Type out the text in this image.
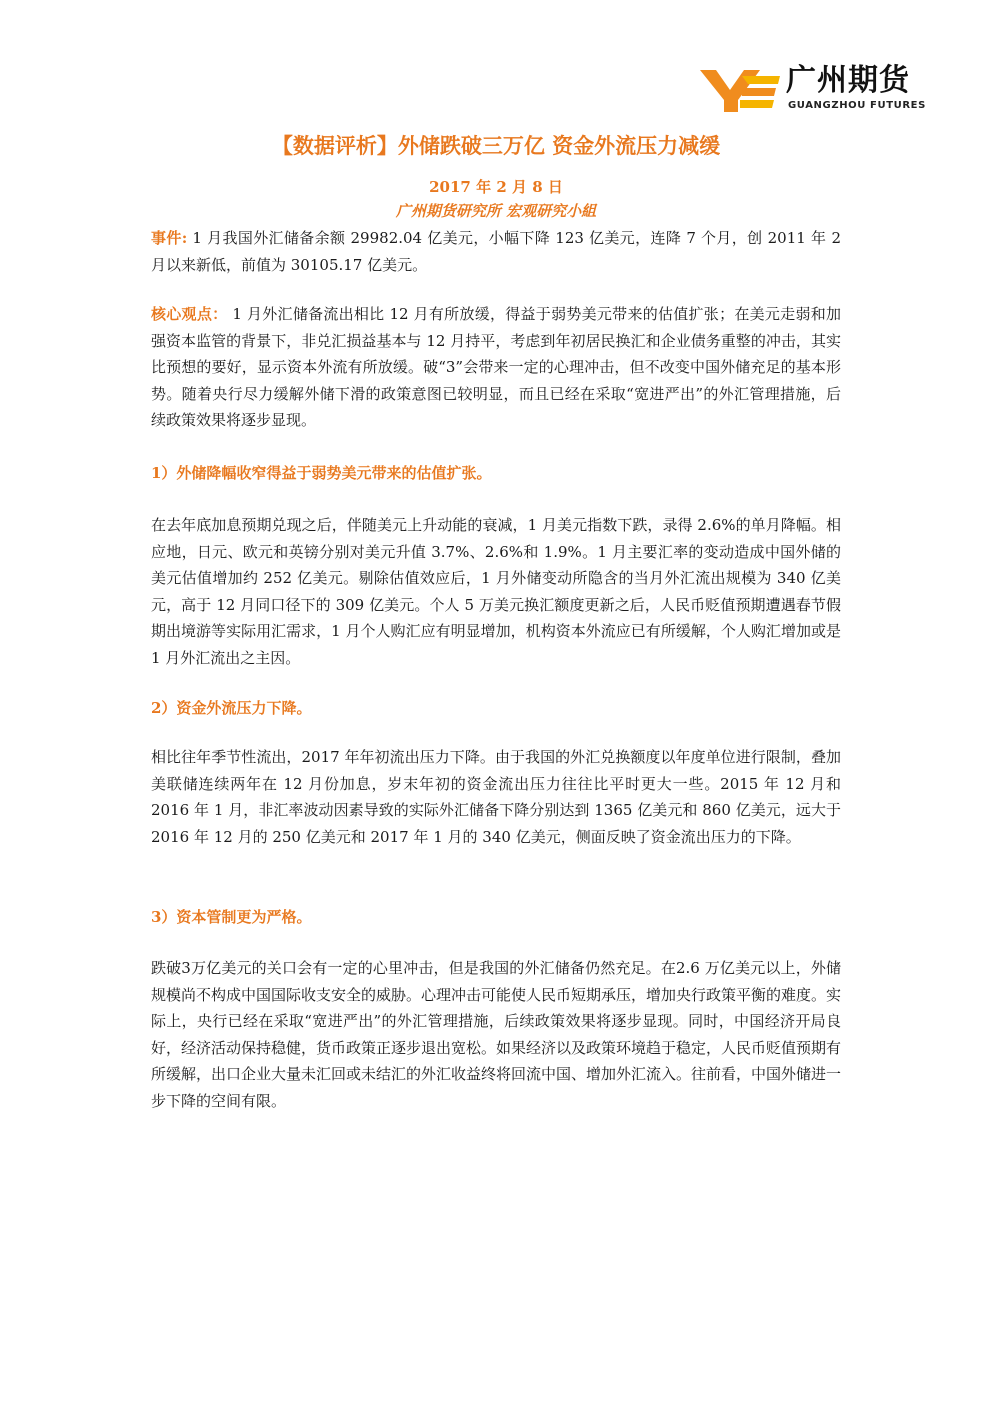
广州期货
GUANGZHOU FUTURES
【数据评析】外储跌破三万亿 资金外流压力减缓
2017 年 2 月 8 日
广州期货研究所 宏观研究小組

事件: 1 月我国外汇储备余额 29982.04 亿美元，小幅下降 123 亿美元，连降 7 个月，创 2011 年 2 月以来新低，前值为 30105.17 亿美元。

核心观点： 1 月外汇储备流出相比 12 月有所放缓，得益于弱势美元带来的估值扩张；在美元走弱和加强资本监管的背景下，非兑汇损益基本与 12 月持平，考虑到年初居民换汇和企业债务重整的冲击，其实比预想的要好，显示资本外流有所放缓。破“3”会带来一定的心理冲击，但不改变中国外储充足的基本形势。随着央行尽力缓解外储下滑的政策意图已较明显，而且已经在采取“宽进严出”的外汇管理措施，后续政策效果将逐步显现。

1）外储降幅收窄得益于弱势美元带来的估值扩张。

在去年底加息预期兑现之后，伴随美元上升动能的衰减，1 月美元指数下跌，录得 2.6%的单月降幅。相应地，日元、欧元和英镑分别对美元升值 3.7%、2.6%和 1.9%。1 月主要汇率的变动造成中国外储的美元估值增加约 252 亿美元。剔除估值效应后，1 月外储变动所隐含的当月外汇流出规模为 340 亿美元，高于 12 月同口径下的 309 亿美元。个人 5 万美元换汇额度更新之后，人民币贬值预期遭遇春节假期出境游等实际用汇需求，1 月个人购汇应有明显增加，机构资本外流应已有所缓解，个人购汇增加或是 1 月外汇流出之主因。

2）资金外流压力下降。

相比往年季节性流出，2017 年年初流出压力下降。由于我国的外汇兑换额度以年度单位进行限制，叠加美联储连续两年在 12 月份加息，岁末年初的资金流出压力往往比平时更大一些。2015 年 12 月和 2016 年 1 月，非汇率波动因素导致的实际外汇储备下降分别达到 1365 亿美元和 860 亿美元，远大于 2016 年 12 月的 250 亿美元和 2017 年 1 月的 340 亿美元，侧面反映了资金流出压力的下降。

3）资本管制更为严格。

跌破3万亿美元的关口会有一定的心里冲击，但是我国的外汇储备仍然充足。在2.6 万亿美元以上，外储规模尚不构成中国国际收支安全的威胁。心理冲击可能使人民币短期承压，增加央行政策平衡的难度。实际上，央行已经在采取“宽进严出”的外汇管理措施，后续政策效果将逐步显现。同时，中国经济开局良好，经济活动保持稳健，货币政策正逐步退出宽松。如果经济以及政策环境趋于稳定，人民币贬值预期有所缓解，出口企业大量未汇回或未结汇的外汇收益终将回流中国、增加外汇流入。往前看，中国外储进一步下降的空间有限。
